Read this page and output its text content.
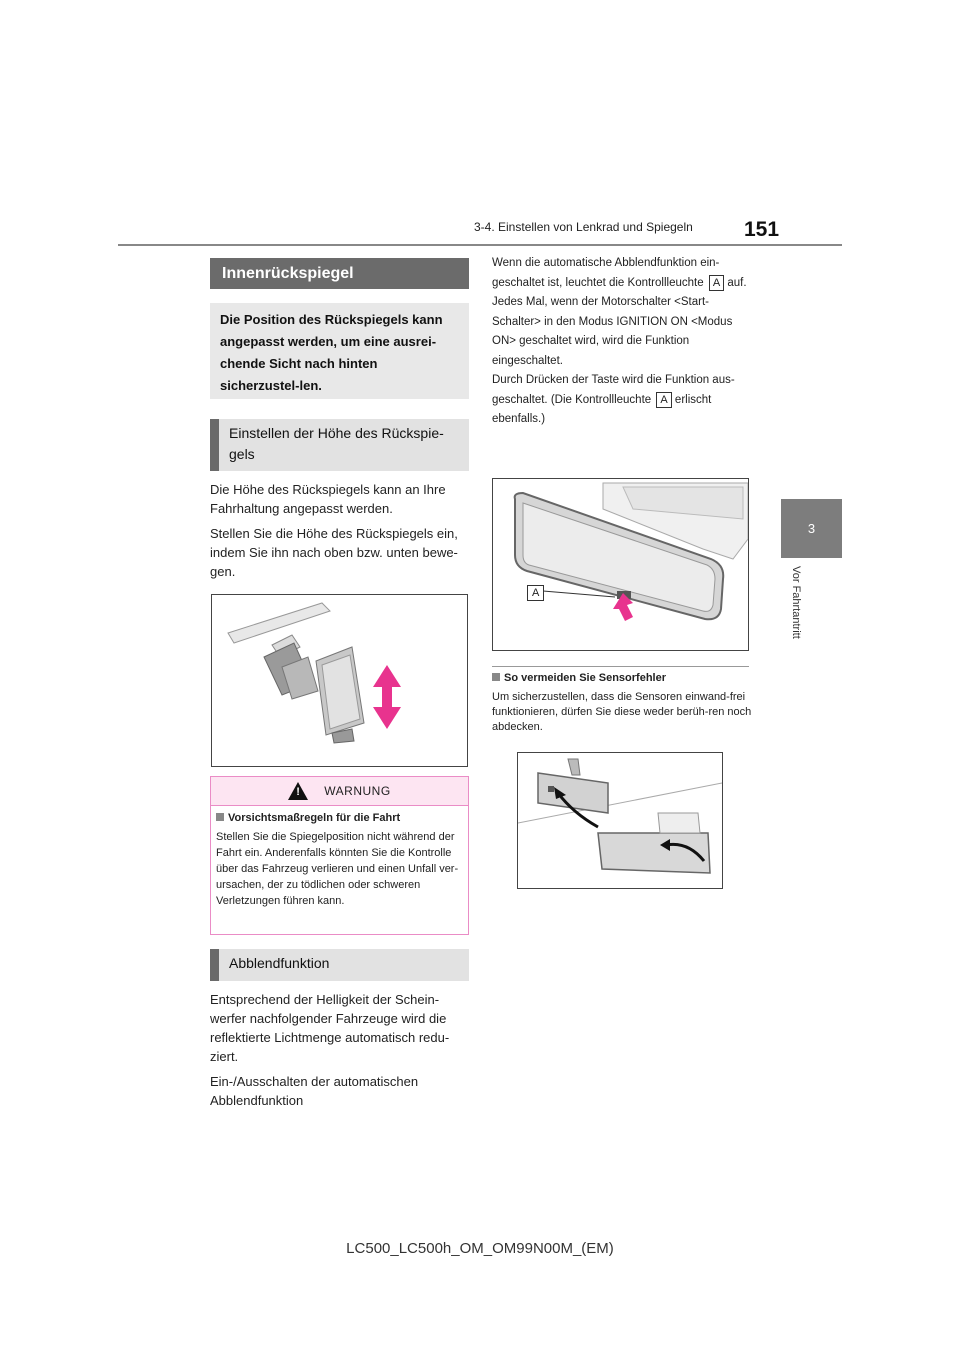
3-4. Einstellen von Lenkrad und Spiegeln 151
3
Vor Fahrtantritt
Innenrückspiegel
Die Position des Rückspiegels kann angepasst werden, um eine ausrei-chende Sicht nach hinten sicherzustel-len.
Einstellen der Höhe des Rückspie-gels
Die Höhe des Rückspiegels kann an Ihre Fahrhaltung angepasst werden.
Stellen Sie die Höhe des Rückspiegels ein, indem Sie ihn nach oben bzw. unten bewe-gen.
! WARNUNG
Vorsichtsmaßregeln für die Fahrt
Stellen Sie die Spiegelposition nicht während der Fahrt ein. Anderenfalls könnten Sie die Kontrolle über das Fahrzeug verlieren und einen Unfall ver-ursachen, der zu tödlichen oder schweren Verletzungen führen kann.
Abblendfunktion
Entsprechend der Helligkeit der Schein-werfer nachfolgender Fahrzeuge wird die reflektierte Lichtmenge automatisch redu-ziert.
Ein-/Ausschalten der automatischen Abblendfunktion
Wenn die automatische Abblendfunktion ein-geschaltet ist, leuchtet die Kontrollleuchte A auf.
Jedes Mal, wenn der Motorschalter <Start-Schalter> in den Modus IGNITION ON <Modus ON> geschaltet wird, wird die Funktion eingeschaltet.
Durch Drücken der Taste wird die Funktion aus-geschaltet. (Die Kontrollleuchte A erlischt ebenfalls.)
A
So vermeiden Sie Sensorfehler
Um sicherzustellen, dass die Sensoren einwand-frei funktionieren, dürfen Sie diese weder berüh-ren noch abdecken.
LC500_LC500h_OM_OM99N00M_(EM)
